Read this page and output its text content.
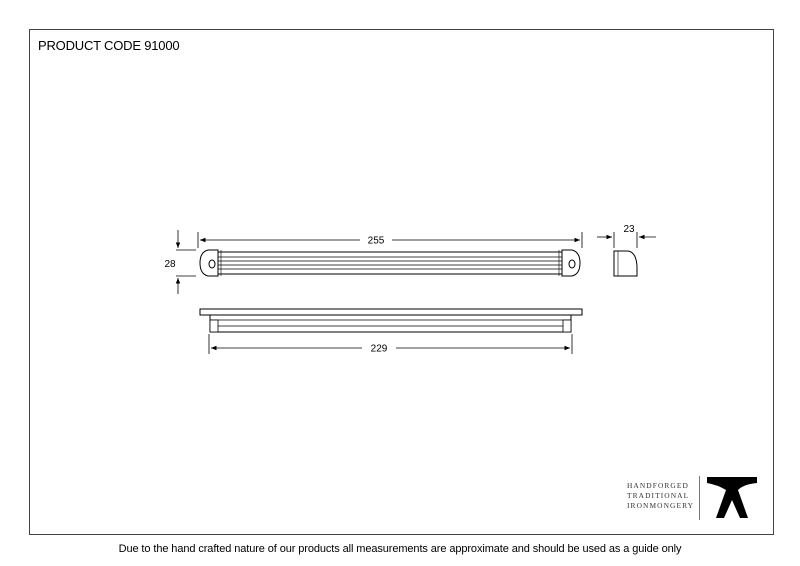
PRODUCT CODE 91000
255
28
23
229
HANDFORGED
TRADITIONAL
IRONMONGERY
Due to the hand crafted nature of our products all measurements are approximate and should be used as a guide only
